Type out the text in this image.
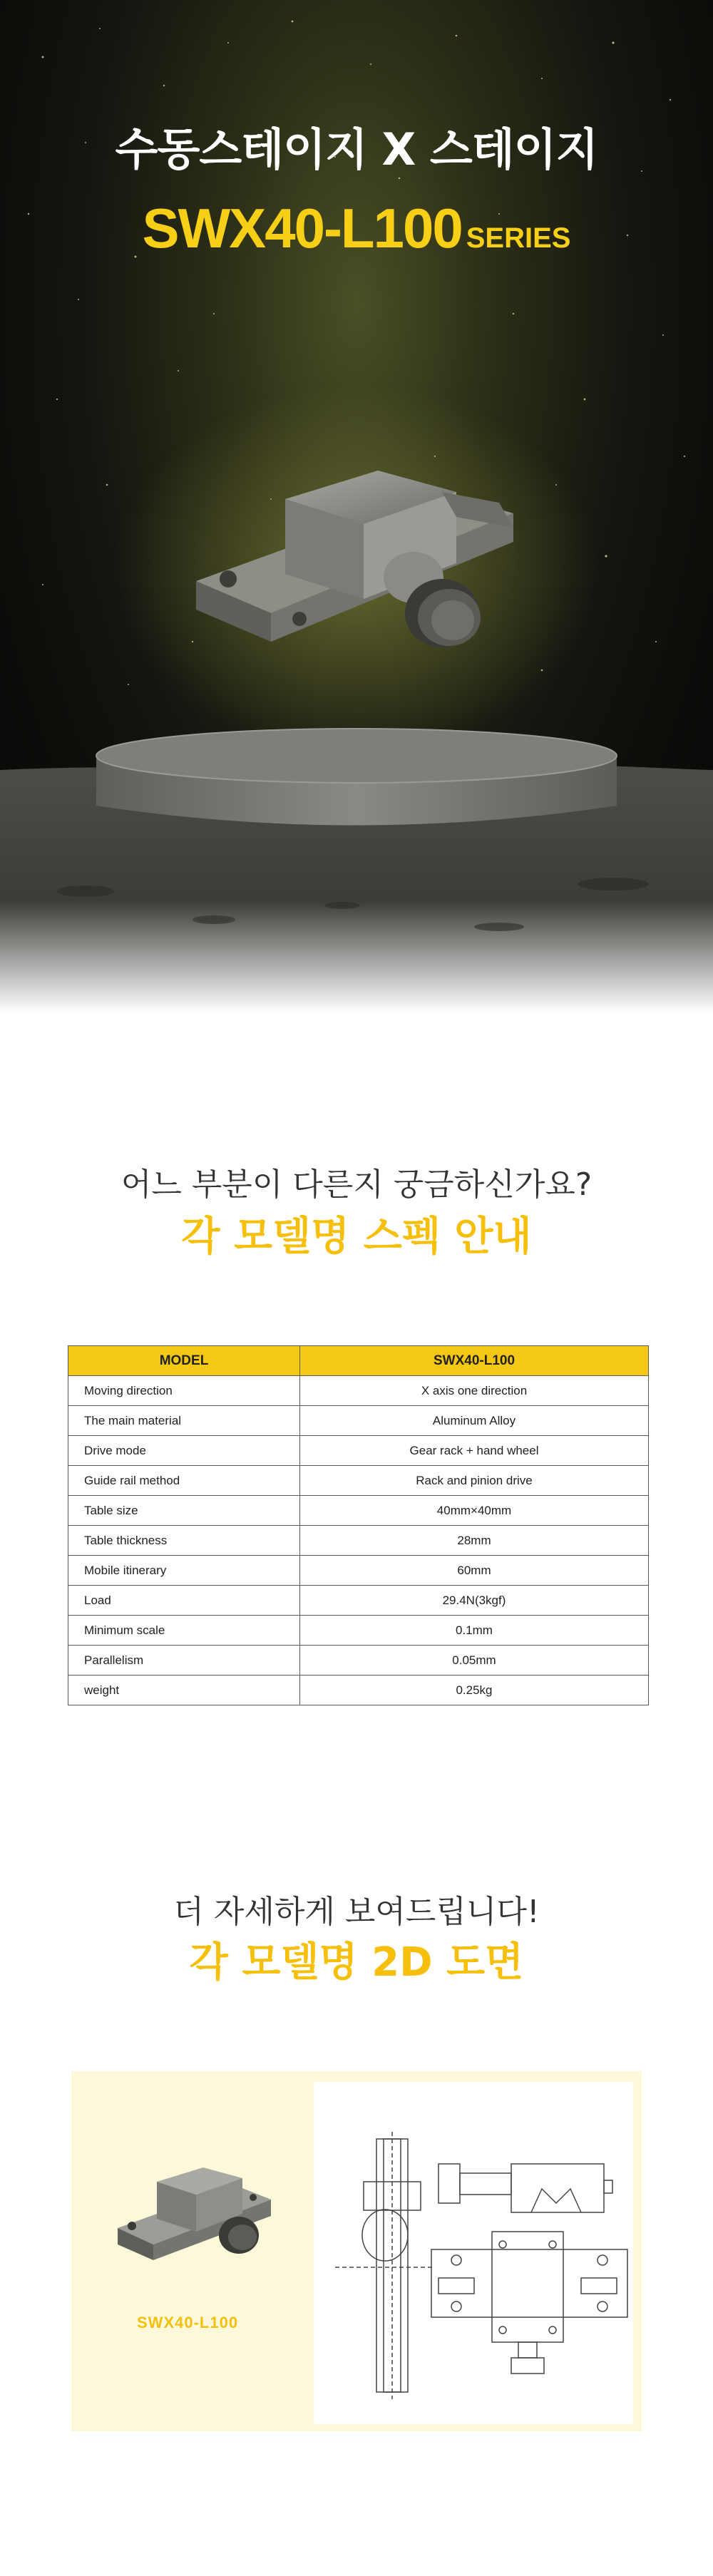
수동스테이지 X 스테이지
SWX40-L100 SERIES
어느 부분이 다른지 궁금하신가요?
각 모델명 스펙 안내
MODEL	SWX40-L100
Moving direction	X axis one direction
The main material	Aluminum Alloy
Drive mode	Gear rack + hand wheel
Guide rail method	Rack and pinion drive
Table size	40mm×40mm
Table thickness	28mm
Mobile itinerary	60mm
Load	29.4N(3kgf)
Minimum scale	0.1mm
Parallelism	0.05mm
weight	0.25kg
더 자세하게 보여드립니다!
각 모델명 2D 도면
SWX40-L100
